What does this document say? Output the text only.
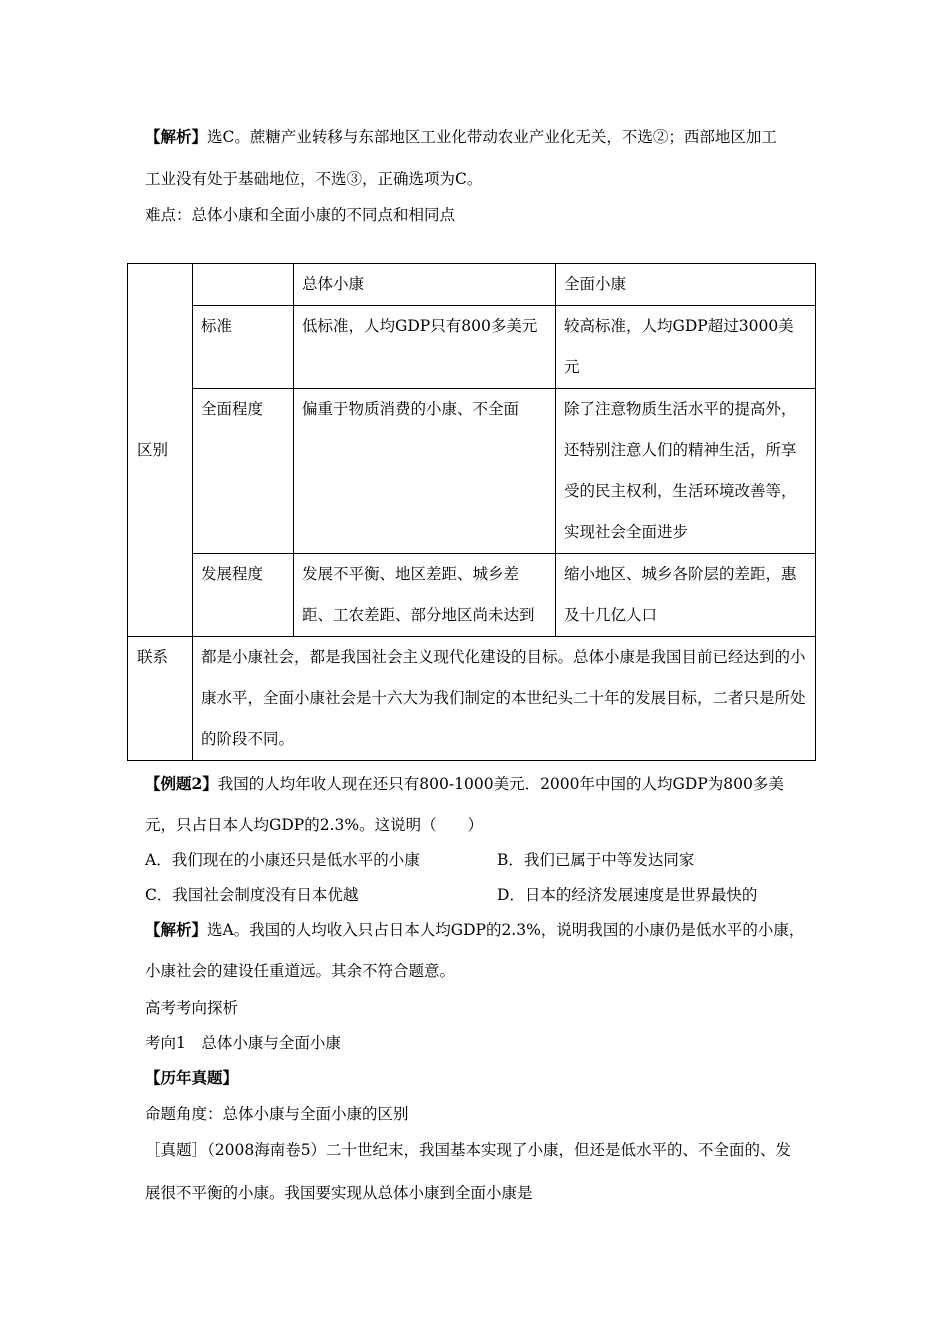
【解析】选C。蔗糖产业转移与东部地区工业化带动农业产业化无关，不选②；西部地区加工
工业没有处于基础地位，不选③，正确选项为C。
难点：总体小康和全面小康的不同点和相同点
区别		总体小康	全面小康
	标准	低标准，人均GDP只有800多美元	较高标准，人均GDP超过3000美元
	全面程度	偏重于物质消费的小康、不全面	除了注意物质生活水平的提高外，还特别注意人们的精神生活，所享受的民主权利，生活环境改善等，实现社会全面进步
	发展程度	发展不平衡、地区差距、城乡差距、工农差距、部分地区尚未达到	缩小地区、城乡各阶层的差距，惠及十几亿人口
联系	都是小康社会，都是我国社会主义现代化建设的目标。总体小康是我国目前已经达到的小康水平，全面小康社会是十六大为我们制定的本世纪头二十年的发展目标，二者只是所处的阶段不同。		
【例题2】我国的人均年收人现在还只有800-1000美元．2000年中国的人均GDP为800多美
元，只占日本人均GDP的2.3%。这说明（　　）
A．我们现在的小康还只是低水平的小康	B．我们已属于中等发达同家
C．我国社会制度没有日本优越	D．日本的经济发展速度是世界最快的
【解析】选A。我国的人均收入只占日本人均GDP的2.3%，说明我国的小康仍是低水平的小康，
小康社会的建设任重道远。其余不符合题意。
高考考向探析
考向1　总体小康与全面小康
【历年真题】
命题角度：总体小康与全面小康的区别
［真题］（2008海南卷5）二十世纪末，我国基本实现了小康，但还是低水平的、不全面的、发
展很不平衡的小康。我国要实现从总体小康到全面小康是
